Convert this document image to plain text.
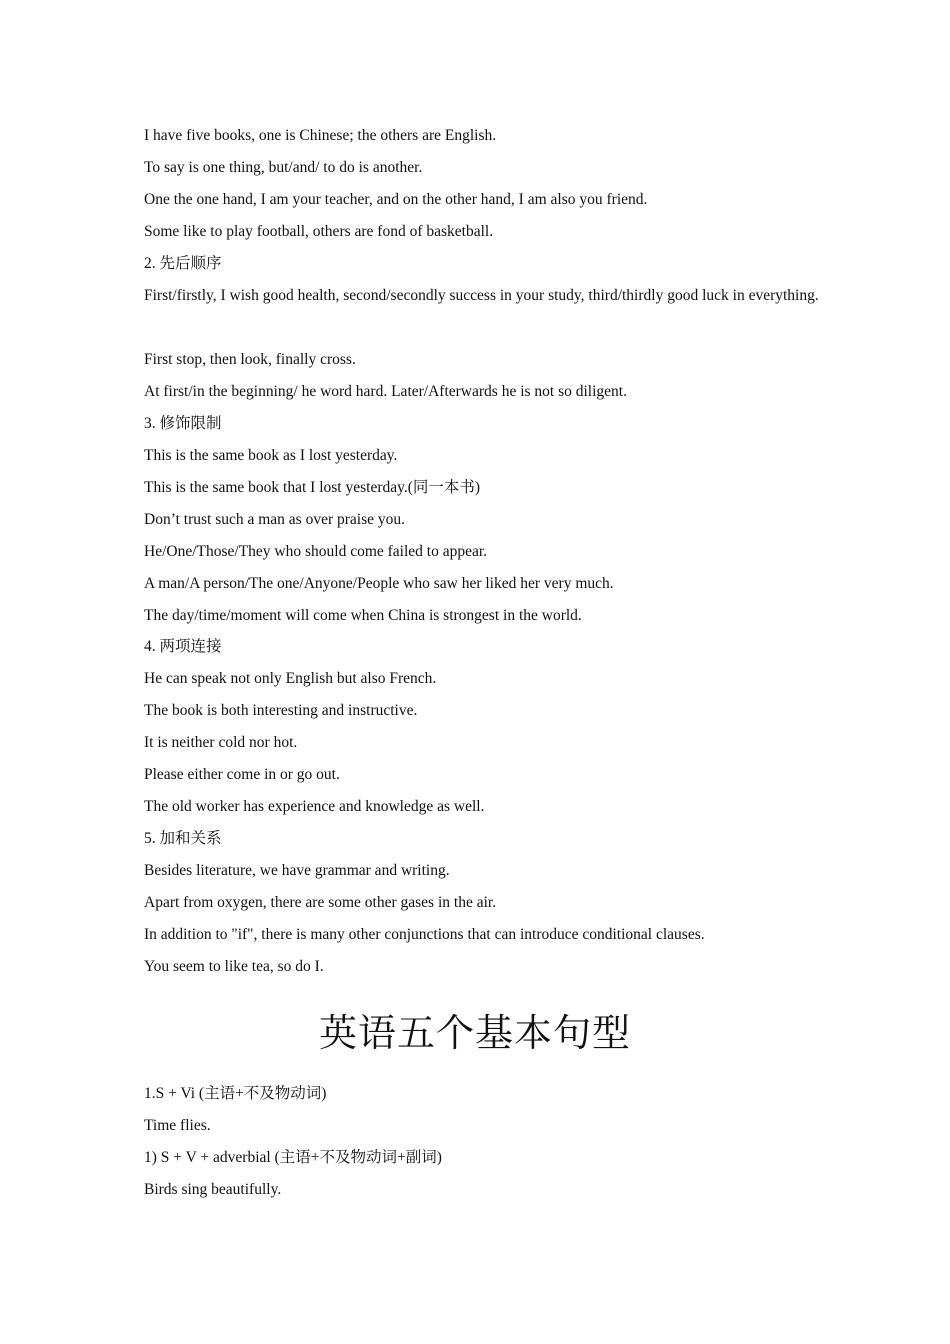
I have five books, one is Chinese; the others are English.
To say is one thing, but/and/ to do is another.
One the one hand, I am your teacher, and on the other hand, I am also you friend.
Some like to play football, others are fond of basketball.
2. 先后顺序
First/firstly, I wish good health, second/secondly success in your study, third/thirdly good luck in everything.
First stop, then look, finally cross.
At first/in the beginning/ he word hard. Later/Afterwards he is not so diligent.
3. 修饰限制
This is the same book as I lost yesterday.
This is the same book that I lost yesterday.(同一本书)
Don’t trust such a man as over praise you.
He/One/Those/They who should come failed to appear.
A man/A person/The one/Anyone/People who saw her liked her very much.
The day/time/moment will come when China is strongest in the world.
4. 两项连接
He can speak not only English but also French.
The book is both interesting and instructive.
It is neither cold nor hot.
Please either come in or go out.
The old worker has experience and knowledge as well.
5. 加和关系
Besides literature, we have grammar and writing.
Apart from oxygen, there are some other gases in the air.
In addition to "if", there is many other conjunctions that can introduce conditional clauses.
You seem to like tea, so do I.
英语五个基本句型
1.S + Vi (主语+不及物动词)
Time flies.
1) S + V + adverbial (主语+不及物动词+副词)
Birds sing beautifully.
